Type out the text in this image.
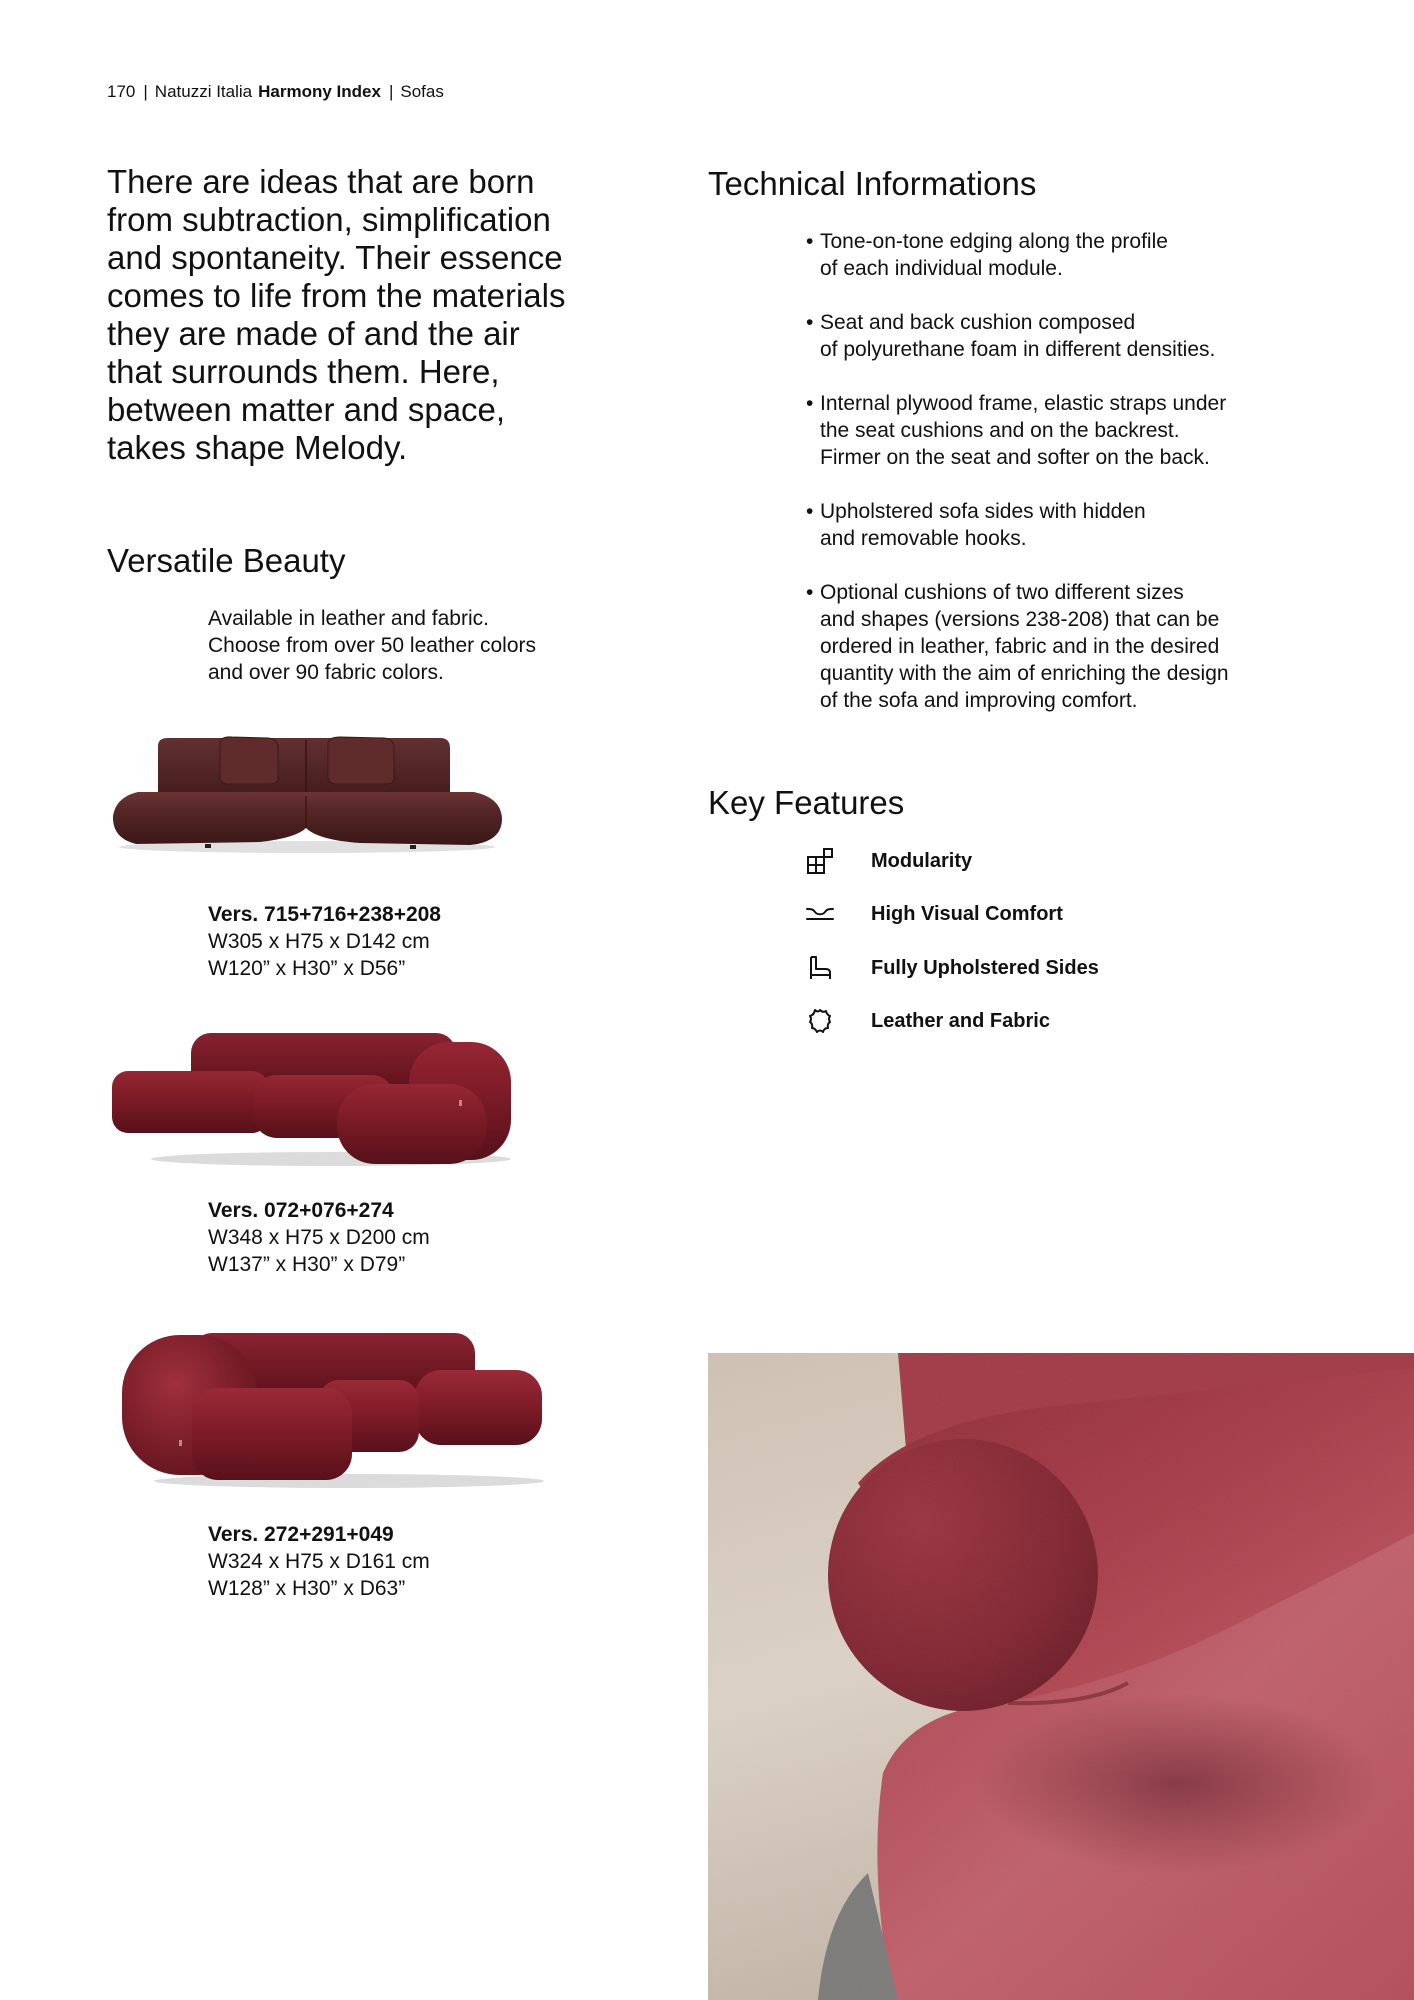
170 | Natuzzi Italia Harmony Index | Sofas
There are ideas that are born
from subtraction, simplification
and spontaneity. Their essence
comes to life from the materials
they are made of and the air
that surrounds them. Here,
between matter and space,
takes shape Melody.
Versatile Beauty
Available in leather and fabric.
Choose from over 50 leather colors
and over 90 fabric colors.
Vers. 715+716+238+208
W305 x H75 x D142 cm
W120” x H30” x D56”
Vers. 072+076+274
W348 x H75 x D200 cm
W137” x H30” x D79”
Vers. 272+291+049
W324 x H75 x D161 cm
W128” x H30” x D63”
Technical Informations
•
Tone-on-tone edging along the profile
of each individual module.
•
Seat and back cushion composed
of polyurethane foam in different densities.
•
Internal plywood frame, elastic straps under
the seat cushions and on the backrest.
Firmer on the seat and softer on the back.
•
Upholstered sofa sides with hidden
and removable hooks.
•
Optional cushions of two different sizes
and shapes (versions 238-208) that can be
ordered in leather, fabric and in the desired
quantity with the aim of enriching the design
of the sofa and improving comfort.
Key Features
Modularity
High Visual Comfort
Fully Upholstered Sides
Leather and Fabric
